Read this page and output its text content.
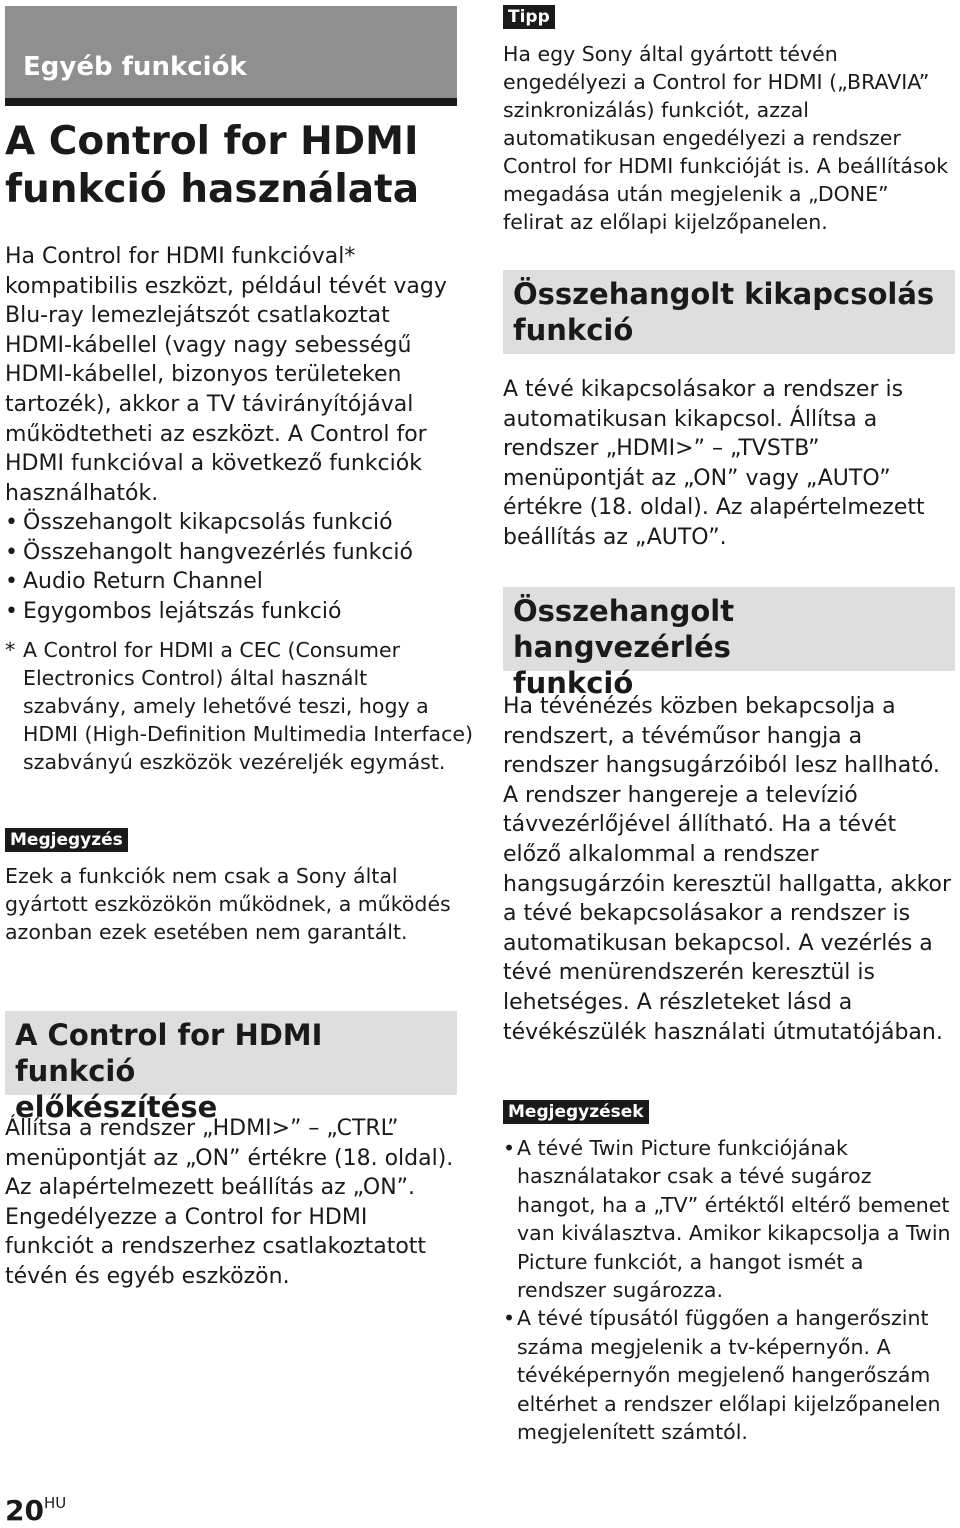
Egyéb funkciók
A Control for HDMI
funkció használata

Ha Control for HDMI funkcióval* kompatibilis eszközt, például tévét vagy Blu-ray lemezlejátszót csatlakoztat HDMI-kábellel (vagy nagy sebességű HDMI-kábellel, bizonyos területeken tartozék), akkor a TV távirányítójával működtetheti az eszközt. A Control for HDMI funkcióval a következő funkciók használhatók.

• Összehangolt kikapcsolás funkció
• Összehangolt hangvezérlés funkció
• Audio Return Channel
• Egygombos lejátszás funkció
* A Control for HDMI a CEC (Consumer Electronics Control) által használt szabvány, amely lehetővé teszi, hogy a HDMI (High-Definition Multimedia Interface) szabványú eszközök vezéreljék egymást.
Megjegyzés

Ezek a funkciók nem csak a Sony által gyártott eszközökön működnek, a működés azonban ezek esetében nem garantált.

A Control for HDMI funkció
előkészítése

Állítsa a rendszer „HDMI>” – „CTRL” menüpontját az „ON” értékre (18. oldal). Az alapértelmezett beállítás az „ON”. Engedélyezze a Control for HDMI funkciót a rendszerhez csatlakoztatott tévén és egyéb eszközön.

Tipp

Ha egy Sony által gyártott tévén engedélyezi a Control for HDMI („BRAVIA” szinkronizálás) funkciót, azzal automatikusan engedélyezi a rendszer Control for HDMI funkcióját is. A beállítások megadása után megjelenik a „DONE” felirat az előlapi kijelzőpanelen.

Összehangolt kikapcsolás
funkció

A tévé kikapcsolásakor a rendszer is automatikusan kikapcsol. Állítsa a rendszer „HDMI>” – „TVSTB” menüpontját az „ON” vagy „AUTO” értékre (18. oldal). Az alapértelmezett beállítás az „AUTO”.

Összehangolt hangvezérlés
funkció

Ha tévénézés közben bekapcsolja a rendszert, a tévéműsor hangja a rendszer hangsugárzóiból lesz hallható. A rendszer hangereje a televízió távvezérlőjével állítható. Ha a tévét előző alkalommal a rendszer hangsugárzóin keresztül hallgatta, akkor a tévé bekapcsolásakor a rendszer is automatikusan bekapcsol. A vezérlés a tévé menürendszerén keresztül is lehetséges. A részleteket lásd a tévékészülék használati útmutatójában.

Megjegyzések
• A tévé Twin Picture funkciójának használatakor csak a tévé sugároz hangot, ha a „TV” értéktől eltérő bemenet van kiválasztva. Amikor kikapcsolja a Twin Picture funkciót, a hangot ismét a rendszer sugározza.
• A tévé típusától függően a hangerőszint száma megjelenik a tv-képernyőn. A tévéképernyőn megjelenő hangerőszám eltérhet a rendszer előlapi kijelzőpanelen megjelenített számtól.
$20^{HU}$
